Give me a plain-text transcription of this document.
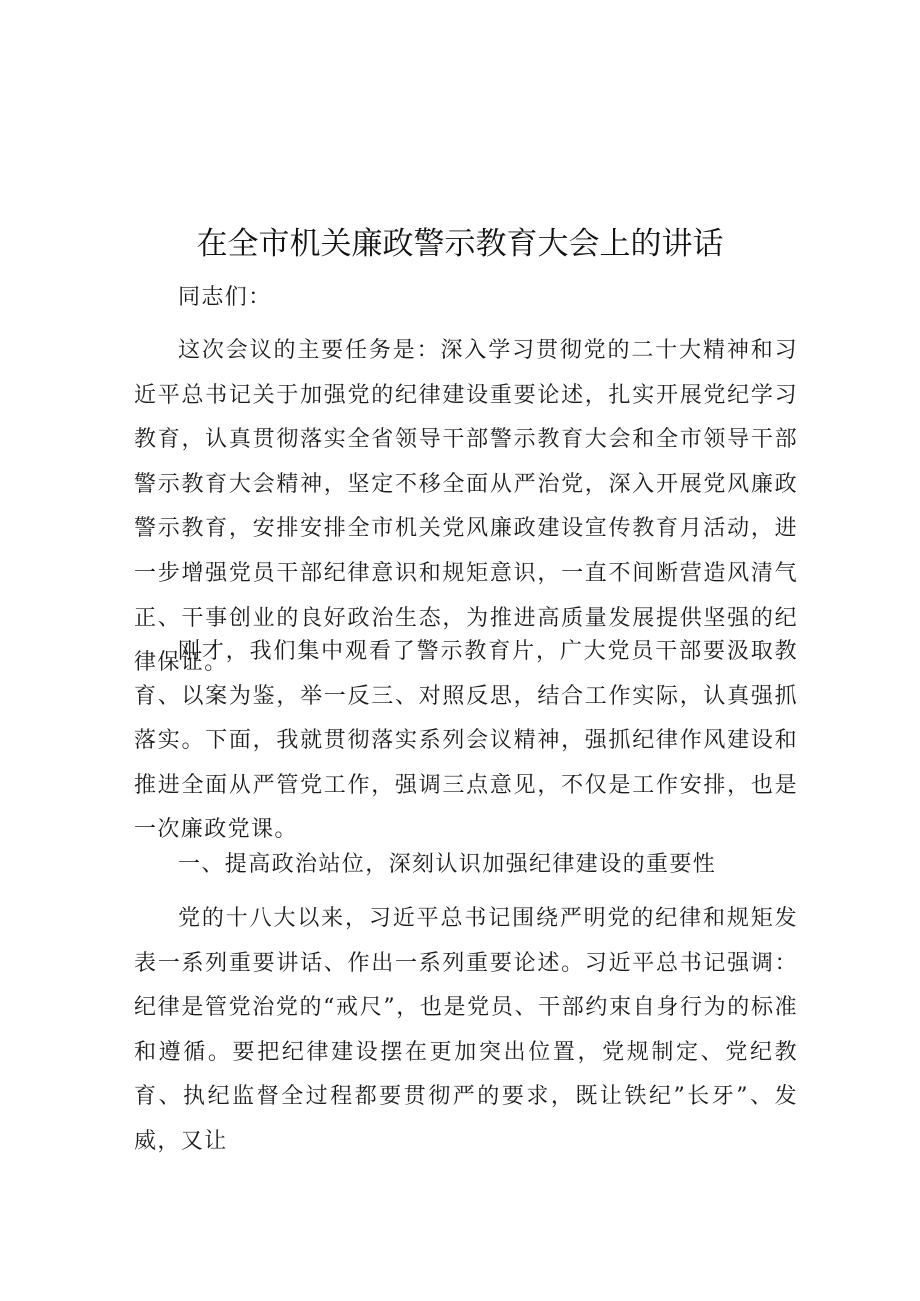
在全市机关廉政警示教育大会上的讲话

同志们：

这次会议的主要任务是：深入学习贯彻党的二十大精神和习近平总书记关于加强党的纪律建设重要论述，扎实开展党纪学习教育，认真贯彻落实全省领导干部警示教育大会和全市领导干部警示教育大会精神，坚定不移全面从严治党，深入开展党风廉政警示教育，安排安排全市机关党风廉政建设宣传教育月活动，进一步增强党员干部纪律意识和规矩意识，一直不间断营造风清气正、干事创业的良好政治生态，为推进高质量发展提供坚强的纪律保证。

刚才，我们集中观看了警示教育片，广大党员干部要汲取教育、以案为鉴，举一反三、对照反思，结合工作实际，认真强抓落实。下面，我就贯彻落实系列会议精神，强抓纪律作风建设和推进全面从严管党工作，强调三点意见，不仅是工作安排，也是一次廉政党课。

一、提高政治站位，深刻认识加强纪律建设的重要性

党的十八大以来，习近平总书记围绕严明党的纪律和规矩发表一系列重要讲话、作出一系列重要论述。习近平总书记强调：纪律是管党治党的“戒尺”，也是党员、干部约束自身行为的标准和遵循。要把纪律建设摆在更加突出位置，党规制定、党纪教育、执纪监督全过程都要贯彻严的要求，既让铁纪”长牙”、发威，又让
